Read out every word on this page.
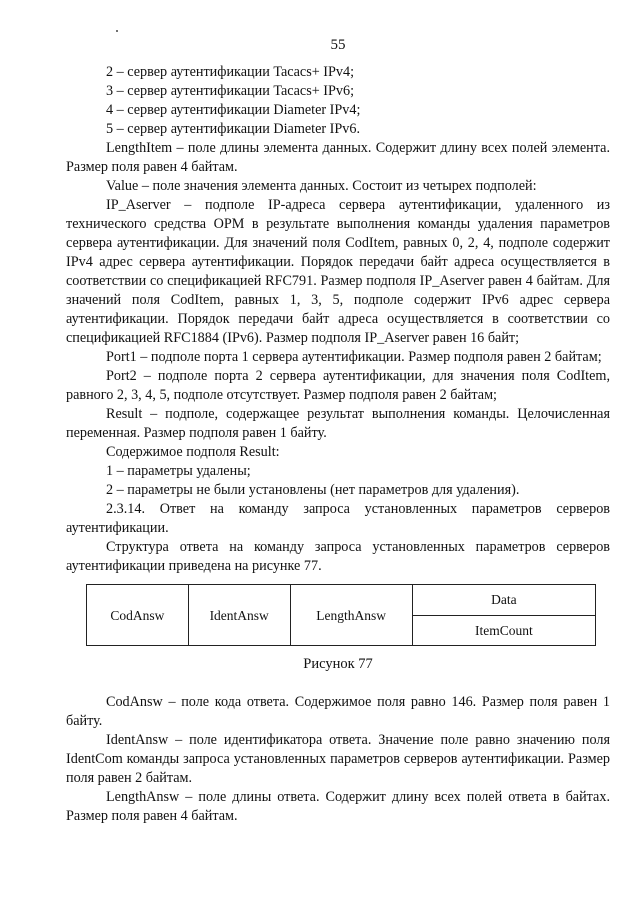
55

2 – сервер аутентификации Tacacs+ IPv4;

3 – сервер аутентификации Tacacs+ IPv6;

4 – сервер аутентификации Diameter IPv4;

5 – сервер аутентификации Diameter IPv6.

LengthItem – поле длины элемента данных. Содержит длину всех полей элемента. Размер поля равен 4 байтам.

Value – поле значения элемента данных. Состоит из четырех подполей:

IP_Aserver – подполе IP-адреса сервера аутентификации, удаленного из технического средства ОРМ в результате выполнения команды удаления параметров сервера аутентификации. Для значений поля CodItem, равных 0, 2, 4, подполе содержит IPv4 адрес сервера аутентификации. Порядок передачи байт адреса осуществляется в соответствии со спецификацией RFC791. Размер подполя IP_Aserver равен 4 байтам. Для значений поля CodItem, равных 1, 3, 5, подполе содержит IPv6 адрес сервера аутентификации. Порядок передачи байт адреса осуществляется в соответствии со спецификацией RFC1884 (IPv6). Размер подполя IP_Aserver равен 16 байт;

Port1 – подполе порта 1 сервера аутентификации. Размер подполя равен 2 байтам;

Port2 – подполе порта 2 сервера аутентификации, для значения поля CodItem, равного 2, 3, 4, 5, подполе отсутствует. Размер подполя равен 2 байтам;

Result – подполе, содержащее результат выполнения команды. Целочисленная переменная. Размер подполя равен 1 байту.

Содержимое подполя Result:

1 – параметры удалены;

2 – параметры не были установлены (нет параметров для удаления).

2.3.14. Ответ на команду запроса установленных параметров серверов аутентификации.

Структура ответа на команду запроса установленных параметров серверов аутентификации приведена на рисунке 77.

CodAnsw	IdentAnsw	LengthAnsw	Data
ItemCount
Рисунок 77

CodAnsw – поле кода ответа. Содержимое поля равно 146. Размер поля равен 1 байту.

IdentAnsw – поле идентификатора ответа. Значение поле равно значению поля IdentCom команды запроса установленных параметров серверов аутентификации. Размер поля равен 2 байтам.

LengthAnsw – поле длины ответа. Содержит длину всех полей ответа в байтах. Размер поля равен 4 байтам.
